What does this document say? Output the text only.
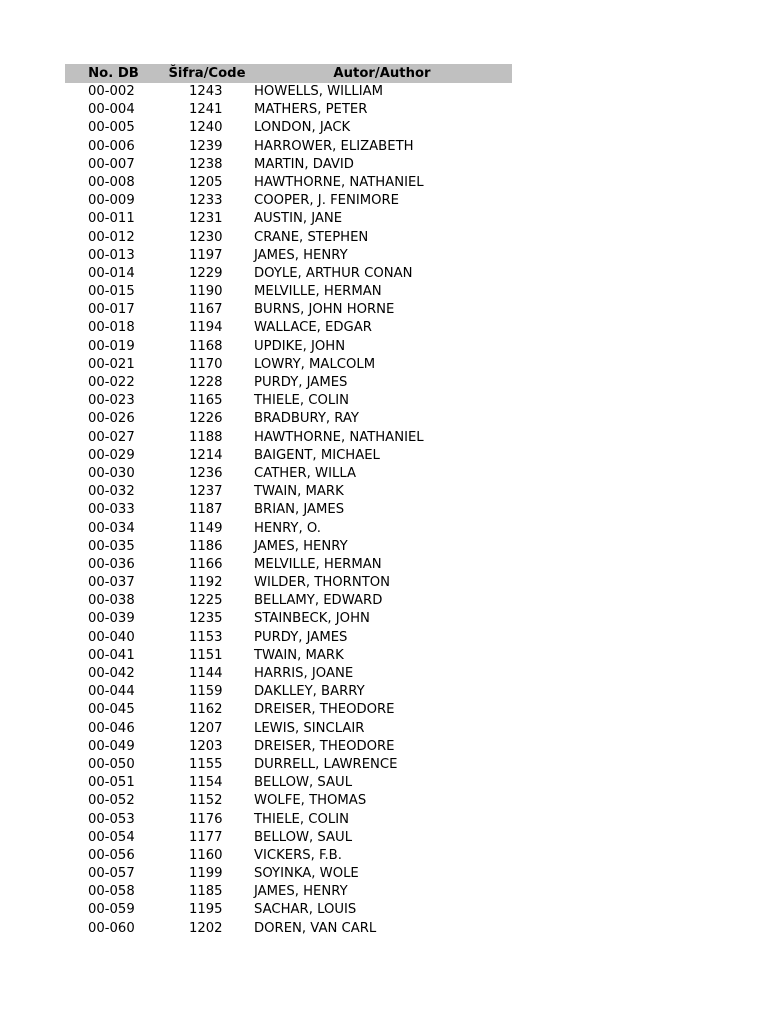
No. DB	Šifra/Code	Autor/Author
00-002	1243	HOWELLS, WILLIAM
00-004	1241	MATHERS, PETER
00-005	1240	LONDON, JACK
00-006	1239	HARROWER, ELIZABETH
00-007	1238	MARTIN, DAVID
00-008	1205	HAWTHORNE, NATHANIEL
00-009	1233	COOPER, J. FENIMORE
00-011	1231	AUSTIN, JANE
00-012	1230	CRANE, STEPHEN
00-013	1197	JAMES, HENRY
00-014	1229	DOYLE, ARTHUR CONAN
00-015	1190	MELVILLE, HERMAN
00-017	1167	BURNS, JOHN HORNE
00-018	1194	WALLACE, EDGAR
00-019	1168	UPDIKE, JOHN
00-021	1170	LOWRY, MALCOLM
00-022	1228	PURDY, JAMES
00-023	1165	THIELE, COLIN
00-026	1226	BRADBURY, RAY
00-027	1188	HAWTHORNE, NATHANIEL
00-029	1214	BAIGENT, MICHAEL
00-030	1236	CATHER, WILLA
00-032	1237	TWAIN, MARK
00-033	1187	BRIAN, JAMES
00-034	1149	HENRY, O.
00-035	1186	JAMES, HENRY
00-036	1166	MELVILLE, HERMAN
00-037	1192	WILDER, THORNTON
00-038	1225	BELLAMY, EDWARD
00-039	1235	STAINBECK, JOHN
00-040	1153	PURDY, JAMES
00-041	1151	TWAIN, MARK
00-042	1144	HARRIS, JOANE
00-044	1159	DAKLLEY, BARRY
00-045	1162	DREISER, THEODORE
00-046	1207	LEWIS, SINCLAIR
00-049	1203	DREISER, THEODORE
00-050	1155	DURRELL, LAWRENCE
00-051	1154	BELLOW, SAUL
00-052	1152	WOLFE, THOMAS
00-053	1176	THIELE, COLIN
00-054	1177	BELLOW, SAUL
00-056	1160	VICKERS, F.B.
00-057	1199	SOYINKA, WOLE
00-058	1185	JAMES, HENRY
00-059	1195	SACHAR, LOUIS
00-060	1202	DOREN, VAN CARL
